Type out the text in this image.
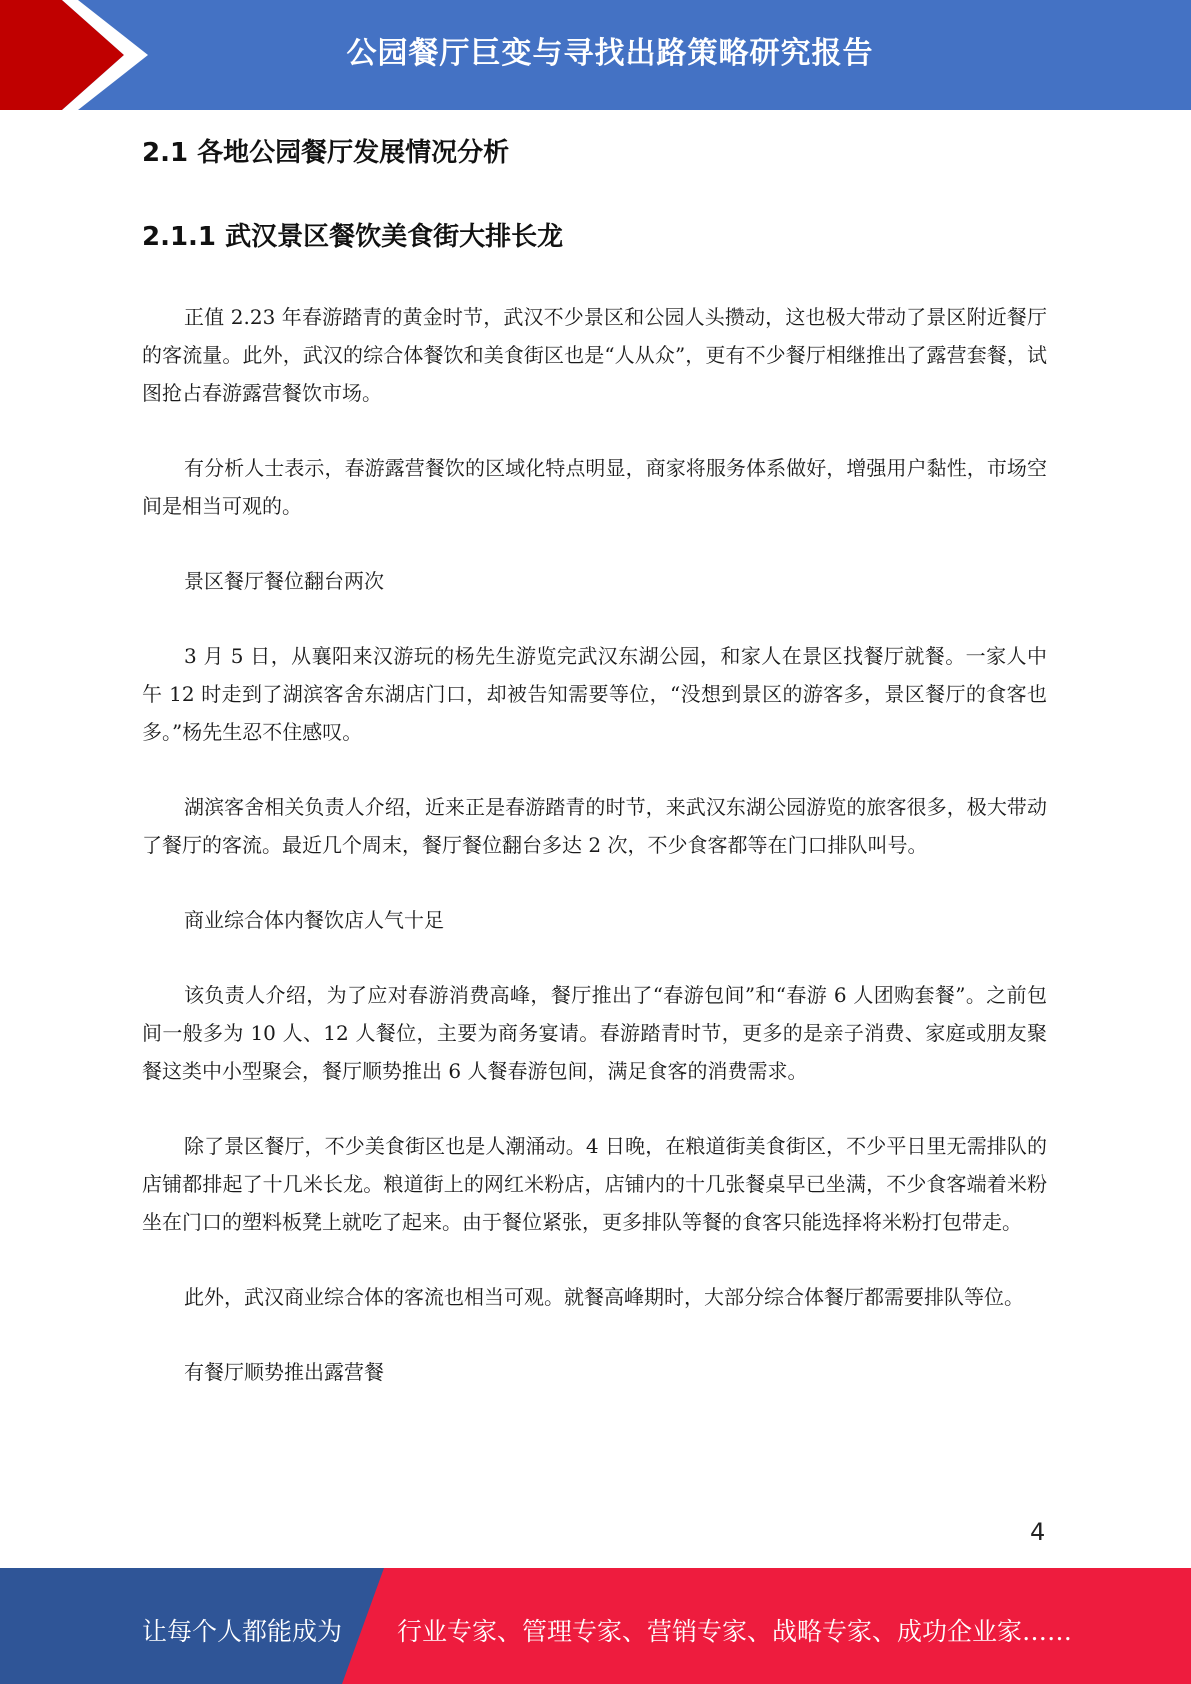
公园餐厅巨变与寻找出路策略研究报告
2.1 各地公园餐厅发展情况分析
2.1.1 武汉景区餐饮美食街大排长龙

正值 2.23 年春游踏青的黄金时节，武汉不少景区和公园人头攒动，这也极大带动了景区附近餐厅的客流量。此外，武汉的综合体餐饮和美食街区也是“人从众”，更有不少餐厅相继推出了露营套餐，试图抢占春游露营餐饮市场。

有分析人士表示，春游露营餐饮的区域化特点明显，商家将服务体系做好，增强用户黏性，市场空间是相当可观的。

景区餐厅餐位翻台两次

3 月 5 日，从襄阳来汉游玩的杨先生游览完武汉东湖公园，和家人在景区找餐厅就餐。一家人中午 12 时走到了湖滨客舍东湖店门口，却被告知需要等位，“没想到景区的游客多，景区餐厅的食客也多。”杨先生忍不住感叹。

湖滨客舍相关负责人介绍，近来正是春游踏青的时节，来武汉东湖公园游览的旅客很多，极大带动了餐厅的客流。最近几个周末，餐厅餐位翻台多达 2 次，不少食客都等在门口排队叫号。

商业综合体内餐饮店人气十足

该负责人介绍，为了应对春游消费高峰，餐厅推出了“春游包间”和“春游 6 人团购套餐”。之前包间一般多为 10 人、12 人餐位，主要为商务宴请。春游踏青时节，更多的是亲子消费、家庭或朋友聚餐这类中小型聚会，餐厅顺势推出 6 人餐春游包间，满足食客的消费需求。

除了景区餐厅，不少美食街区也是人潮涌动。4 日晚，在粮道街美食街区，不少平日里无需排队的店铺都排起了十几米长龙。粮道街上的网红米粉店，店铺内的十几张餐桌早已坐满，不少食客端着米粉坐在门口的塑料板凳上就吃了起来。由于餐位紧张，更多排队等餐的食客只能选择将米粉打包带走。

此外，武汉商业综合体的客流也相当可观。就餐高峰期时，大部分综合体餐厅都需要排队等位。

有餐厅顺势推出露营餐

4
让每个人都能成为 行业专家、管理专家、营销专家、战略专家、成功企业家……
